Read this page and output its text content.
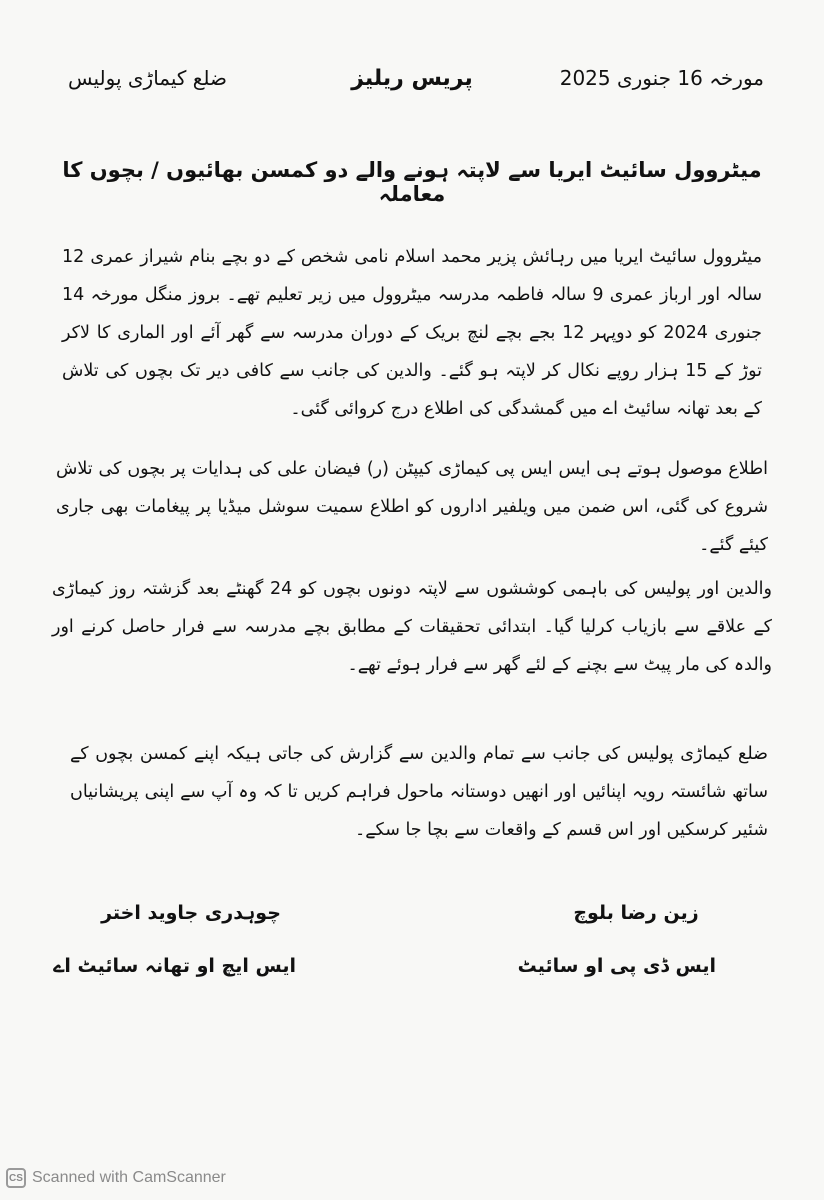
مورخہ 16 جنوری 2025
پریس ریلیز
ضلع کیماڑی پولیس
میٹروول سائیٹ ایریا سے لاپتہ ہونے والے دو کمسن بھائیوں / بچوں کا معاملہ
میٹروول سائیٹ ایریا میں رہائش پزیر محمد اسلام نامی شخص کے دو بچے بنام شیراز عمری 12 سالہ اور ارباز عمری 9 سالہ فاطمہ مدرسہ میٹروول میں زیر تعلیم تھے۔ بروز منگل مورخہ 14 جنوری 2024 کو دوپہر 12 بجے بچے لنچ بریک کے دوران مدرسہ سے گھر آئے اور الماری کا لاکر توڑ کے 15 ہزار روپے نکال کر لاپتہ ہو گئے۔ والدین کی جانب سے کافی دیر تک بچوں کی تلاش کے بعد تھانہ سائیٹ اے میں گمشدگی کی اطلاع درج کروائی گئی۔
اطلاع موصول ہوتے ہی ایس ایس پی کیماڑی کیپٹن (ر) فیضان علی کی ہدایات پر بچوں کی تلاش شروع کی گئی، اس ضمن میں ویلفیر اداروں کو اطلاع سمیت سوشل میڈیا پر پیغامات بھی جاری کیئے گئے۔
والدین اور پولیس کی باہمی کوششوں سے لاپتہ دونوں بچوں کو 24 گھنٹے بعد گزشتہ روز کیماڑی کے علاقے سے بازیاب کرلیا گیا۔ ابتدائی تحقیقات کے مطابق بچے مدرسہ سے فرار حاصل کرنے اور والدہ کی مار پیٹ سے بچنے کے لئے گھر سے فرار ہوئے تھے۔
ضلع کیماڑی پولیس کی جانب سے تمام والدین سے گزارش کی جاتی ہیکہ اپنے کمسن بچوں کے ساتھ شائستہ رویہ اپنائیں اور انھیں دوستانہ ماحول فراہم کریں تا کہ وہ آپ سے اپنی پریشانیاں شئیر کرسکیں اور اس قسم کے واقعات سے بچا جا سکے۔
زین رضا بلوچ
ایس ڈی پی او سائیٹ
چوہدری جاوید اختر
ایس ایچ او تھانہ سائیٹ اے
CS Scanned with CamScanner
